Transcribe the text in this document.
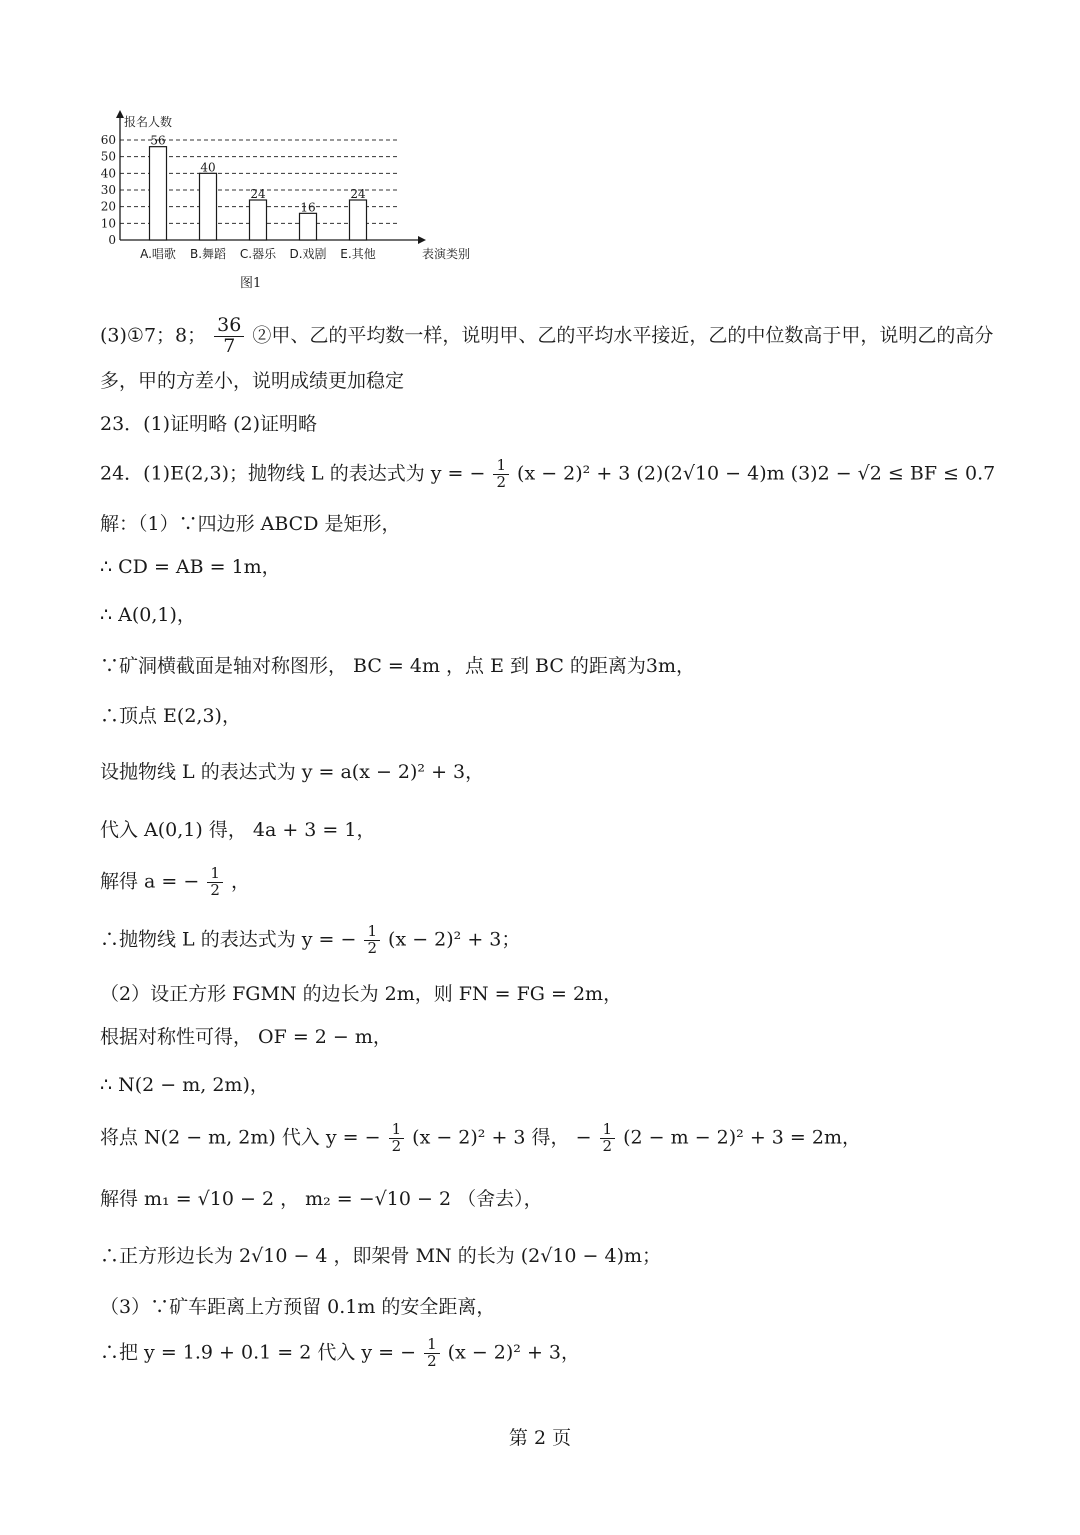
0
10
20
30
40
50
60
报名人数
表演类别
56
A.唱歌
40
B.舞蹈
24
C.器乐
16
D.戏剧
24
E.其他
图1
(3)①7；8； $\frac{36}{7}$ ②甲、乙的平均数一样，说明甲、乙的平均水平接近，乙的中位数高于甲，说明乙的高分
多，甲的方差小，说明成绩更加稳定
23．(1)证明略 (2)证明略
24．(1)E(2,3)；抛物线 L 的表达式为 y = − $\frac{1}{2} (x - 2)^2 + 3$ (2)(2√10 − 4)m (3)2 − √2 ≤ BF ≤ 0.7
解：（1）∵四边形 ABCD 是矩形，
∴ CD = AB = 1m，
∴ A(0,1)，
∵矿洞横截面是轴对称图形， BC = 4m ，点 E 到 BC 的距离为3m，
∴顶点 E(2,3)，
设抛物线 L 的表达式为 y = a(x − 2)² + 3，
代入 A(0,1) 得， 4a + 3 = 1，
解得 a = − $\frac{1}{2}$ ，
∴抛物线 L 的表达式为 y = − $\frac{1}{2} (x - 2)^2 + 3$；
（2）设正方形 FGMN 的边长为 2m，则 FN = FG = 2m，
根据对称性可得， OF = 2 − m，
∴ N(2 − m, 2m)，
将点 N(2 − m, 2m) 代入 y = − $\frac{1}{2} (x - 2)^2 + 3$ 得， − $\frac{1}{2} (2 - m - 2)^2 + 3 = 2m$，
解得 m₁ = √10 − 2 ， m₂ = −√10 − 2 （舍去），
∴正方形边长为 2√10 − 4 ，即架骨 MN 的长为 (2√10 − 4)m；
（3）∵矿车距离上方预留 0.1m 的安全距离，
∴把 y = 1.9 + 0.1 = 2 代入 y = − $\frac{1}{2} (x - 2)^2 + 3$，
第 2 页
